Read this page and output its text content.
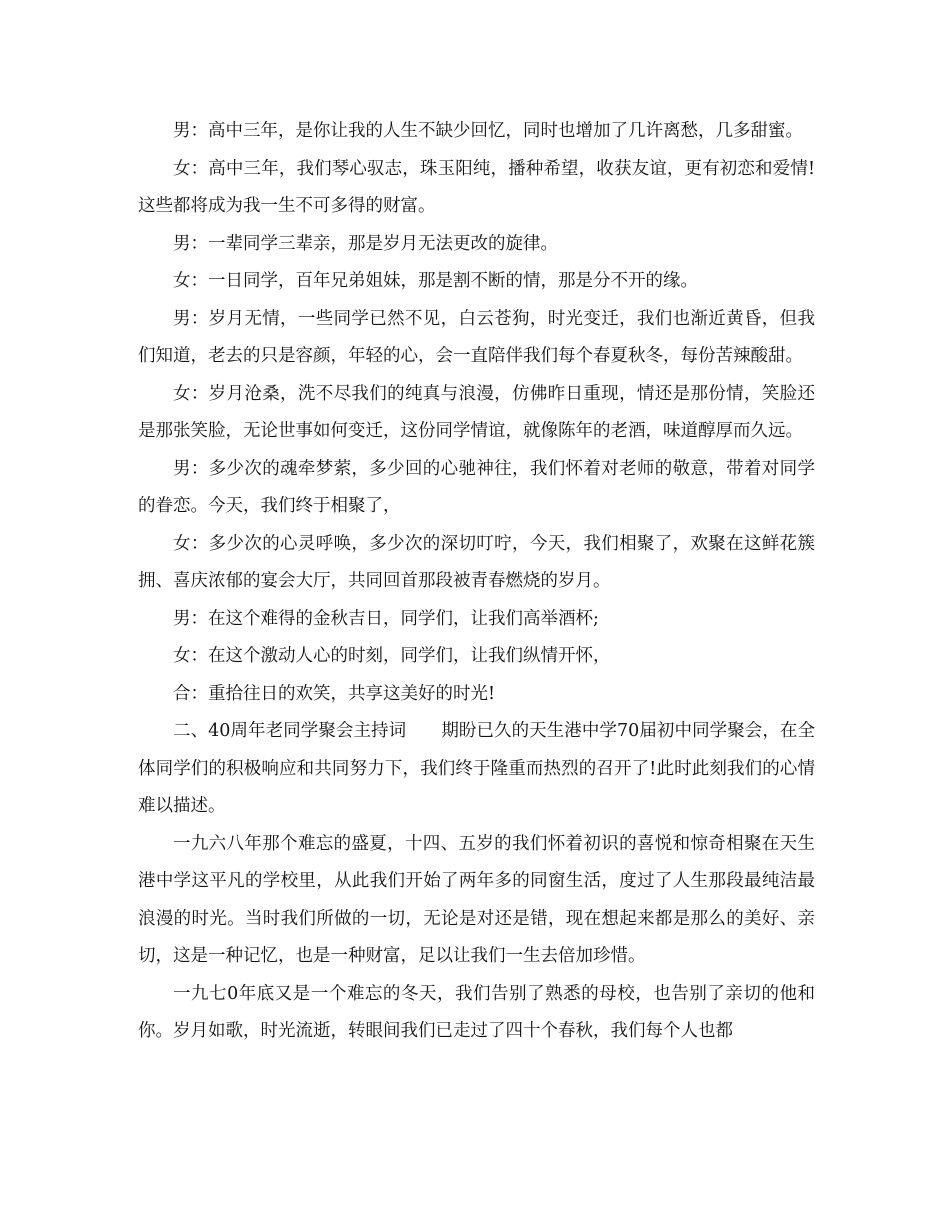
男：高中三年，是你让我的人生不缺少回忆，同时也增加了几许离愁，几多甜蜜。

女：高中三年，我们琴心驭志，珠玉阳纯，播种希望，收获友谊，更有初恋和爱情!这些都将成为我一生不可多得的财富。

男：一辈同学三辈亲，那是岁月无法更改的旋律。

女：一日同学，百年兄弟姐妹，那是割不断的情，那是分不开的缘。

男：岁月无情，一些同学已然不见，白云苍狗，时光变迁，我们也渐近黄昏，但我们知道，老去的只是容颜，年轻的心，会一直陪伴我们每个春夏秋冬，每份苦辣酸甜。

女：岁月沧桑，洗不尽我们的纯真与浪漫，仿佛昨日重现，情还是那份情，笑脸还是那张笑脸，无论世事如何变迁，这份同学情谊，就像陈年的老酒，味道醇厚而久远。

男：多少次的魂牵梦萦，多少回的心驰神往，我们怀着对老师的敬意，带着对同学的眷恋。今天，我们终于相聚了，

女：多少次的心灵呼唤，多少次的深切叮咛，今天，我们相聚了，欢聚在这鲜花簇拥、喜庆浓郁的宴会大厅，共同回首那段被青春燃烧的岁月。

男：在这个难得的金秋吉日，同学们，让我们高举酒杯;

女：在这个激动人心的时刻，同学们，让我们纵情开怀，

合：重拾往日的欢笑，共享这美好的时光!

二、40周年老同学聚会主持词　　期盼已久的天生港中学70届初中同学聚会，在全体同学们的积极响应和共同努力下，我们终于隆重而热烈的召开了!此时此刻我们的心情难以描述。

一九六八年那个难忘的盛夏，十四、五岁的我们怀着初识的喜悦和惊奇相聚在天生港中学这平凡的学校里，从此我们开始了两年多的同窗生活，度过了人生那段最纯洁最浪漫的时光。当时我们所做的一切，无论是对还是错，现在想起来都是那么的美好、亲切，这是一种记忆，也是一种财富，足以让我们一生去倍加珍惜。

一九七0年底又是一个难忘的冬天，我们告别了熟悉的母校，也告别了亲切的他和你。岁月如歌，时光流逝，转眼间我们已走过了四十个春秋，我们每个人也都
